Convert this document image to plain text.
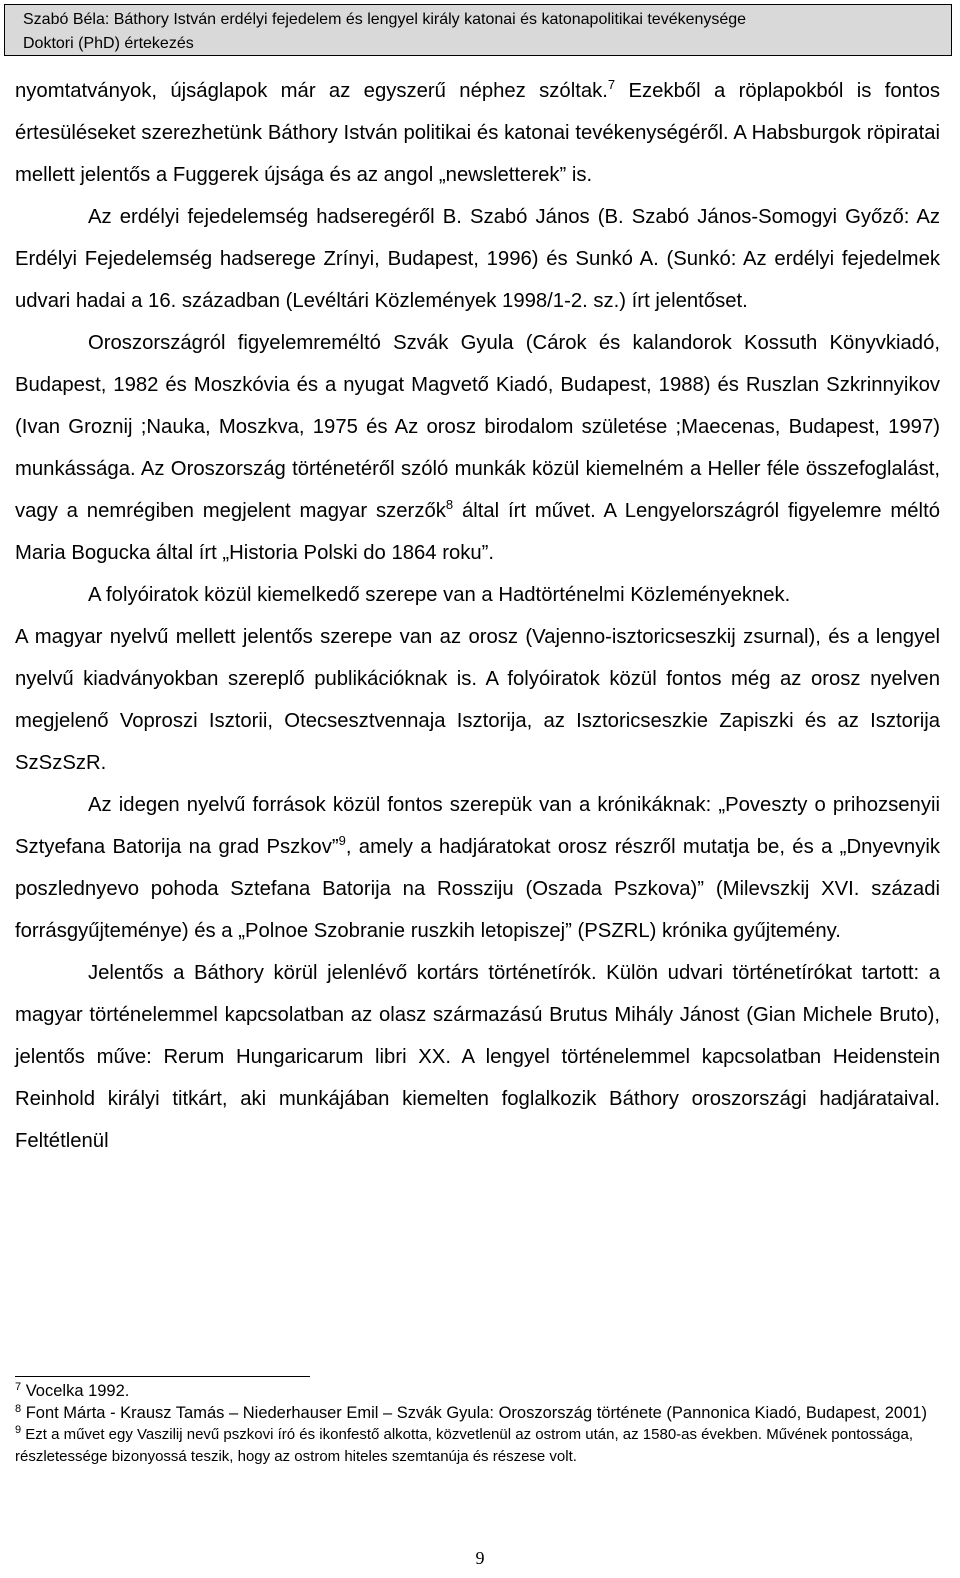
Szabó Béla: Báthory István erdélyi fejedelem és lengyel király katonai és katonapolitikai tevékenysége
Doktori (PhD) értekezés

nyomtatványok, újságlapok már az egyszerű néphez szóltak.$^7$ Ezekből a röplapokból is fontos értesüléseket szerezhetünk Báthory István politikai és katonai tevékenységéről. A Habsburgok röpiratai mellett jelentős a Fuggerek újsága és az angol „newsletterek” is.

Az erdélyi fejedelemség hadseregéről B. Szabó János (B. Szabó János-Somogyi Győző: Az Erdélyi Fejedelemség hadserege Zrínyi, Budapest, 1996) és Sunkó A. (Sunkó: Az erdélyi fejedelmek udvari hadai a 16. században (Levéltári Közlemények 1998/1-2. sz.) írt jelentőset.

Oroszországról figyelemreméltó Szvák Gyula (Cárok és kalandorok Kossuth Könyvkiadó, Budapest, 1982 és Moszkóvia és a nyugat Magvető Kiadó, Budapest, 1988) és Ruszlan Szkrinnyikov (Ivan Groznij ;Nauka, Moszkva, 1975 és Az orosz birodalom születése ;Maecenas, Budapest, 1997) munkássága. Az Oroszország történetéről szóló munkák közül kiemelném a Heller féle összefoglalást, vagy a nemrégiben megjelent magyar szerzők$^8$ által írt művet. A Lengyelországról figyelemre méltó Maria Bogucka által írt „Historia Polski do 1864 roku”.

A folyóiratok közül kiemelkedő szerepe van a Hadtörténelmi Közleményeknek.

A magyar nyelvű mellett jelentős szerepe van az orosz (Vajenno-isztoricseszkij zsurnal), és a lengyel nyelvű kiadványokban szereplő publikációknak is. A folyóiratok közül fontos még az orosz nyelven megjelenő Voproszi Isztorii, Otecsesztvennaja Isztorija, az Isztoricseszkie Zapiszki és az Isztorija SzSzSzR.

Az idegen nyelvű források közül fontos szerepük van a krónikáknak: „Poveszty o prihozsenyii Sztyefana Batorija na grad Pszkov”$^9$, amely a hadjáratokat orosz részről mutatja be, és a „Dnyevnyik poszlednyevo pohoda Sztefana Batorija na Rossziju (Oszada Pszkova)” (Milevszkij XVI. századi forrásgyűjteménye) és a „Polnoe Szobranie ruszkih letopiszej” (PSZRL) krónika gyűjtemény.

Jelentős a Báthory körül jelenlévő kortárs történetírók. Külön udvari történetírókat tartott: a magyar történelemmel kapcsolatban az olasz származású Brutus Mihály Jánost (Gian Michele Bruto), jelentős műve: Rerum Hungaricarum libri XX. A lengyel történelemmel kapcsolatban Heidenstein Reinhold királyi titkárt, aki munkájában kiemelten foglalkozik Báthory oroszországi hadjárataival. Feltétlenül

$^7$ Vocelka 1992.

$^8$ Font Márta - Krausz Tamás – Niederhauser Emil – Szvák Gyula: Oroszország története (Pannonica Kiadó, Budapest, 2001)

$^9$ Ezt a művet egy Vaszilij nevű pszkovi író és ikonfestő alkotta, közvetlenül az ostrom után, az 1580-as években. Művének pontossága, részletessége bizonyossá teszik, hogy az ostrom hiteles szemtanúja és részese volt.

9
